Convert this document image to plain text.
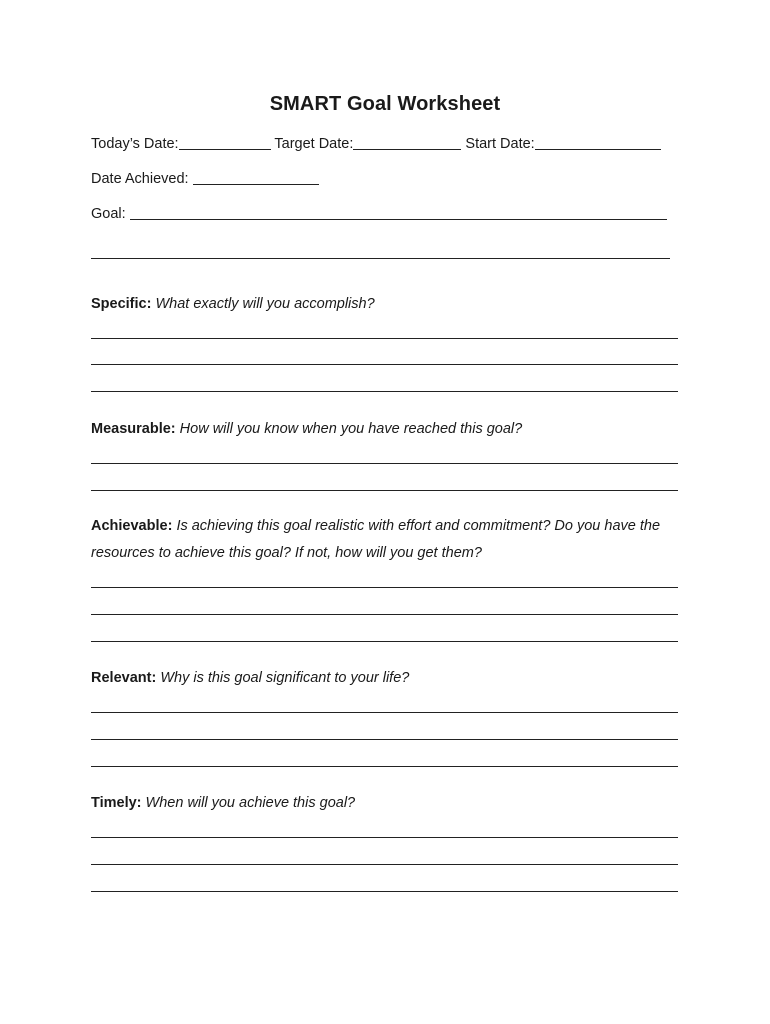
SMART Goal Worksheet
Today’s Date:	Target Date:	Start Date:
Date Achieved:
Goal:
Specific: What exactly will you accomplish?
Measurable: How will you know when you have reached this goal?
Achievable: Is achieving this goal realistic with effort and commitment? Do you have the resources to achieve this goal? If not, how will you get them?
Relevant: Why is this goal significant to your life?
Timely: When will you achieve this goal?
